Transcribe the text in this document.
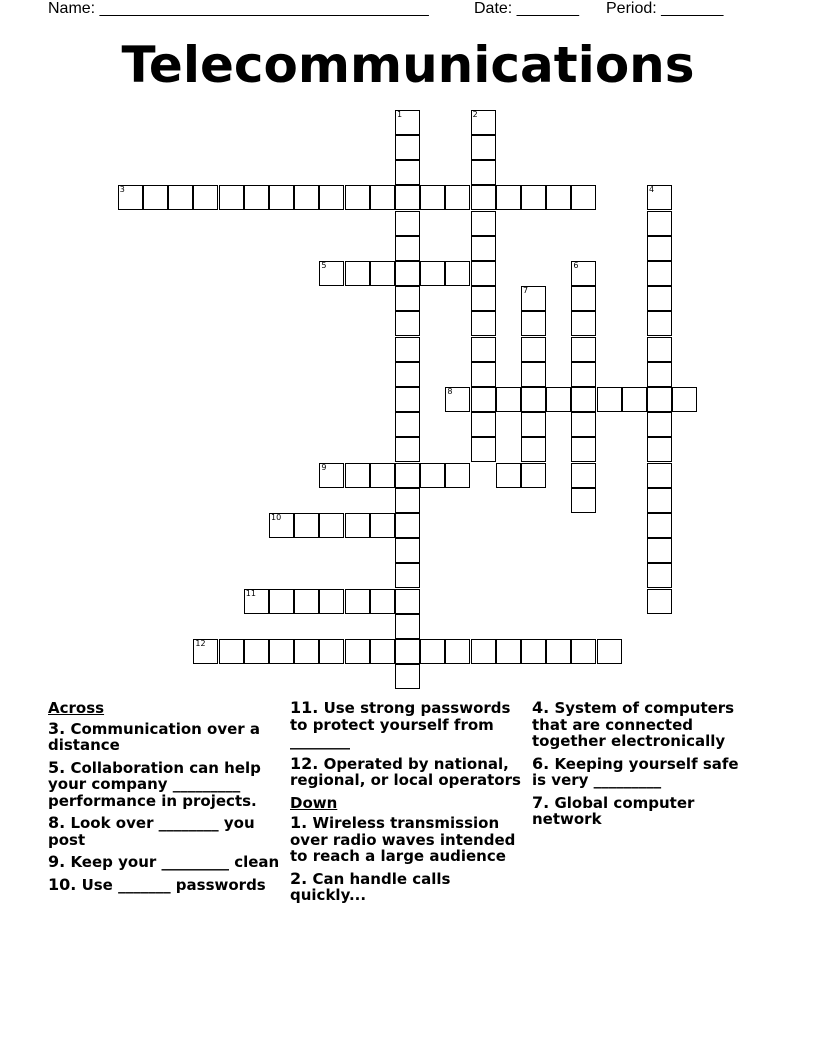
Name: _____________________________________	Date: _______ Period: _______
Telecommunications
1	2
3	4
5	6
7
8
9
10
11
12
Across
3. Communication over a distance
5. Collaboration can help your company _________ performance in projects.
8. Look over ________ you post
9. Keep your _________ clean
10. Use _______ passwords
11. Use strong passwords to protect yourself from ________
12. Operated by national, regional, or local operators
Down
1. Wireless transmission over radio waves intended to reach a large audience
2. Can handle calls quickly...
4. System of computers that are connected together electronically
6. Keeping yourself safe is very _________
7. Global computer network
